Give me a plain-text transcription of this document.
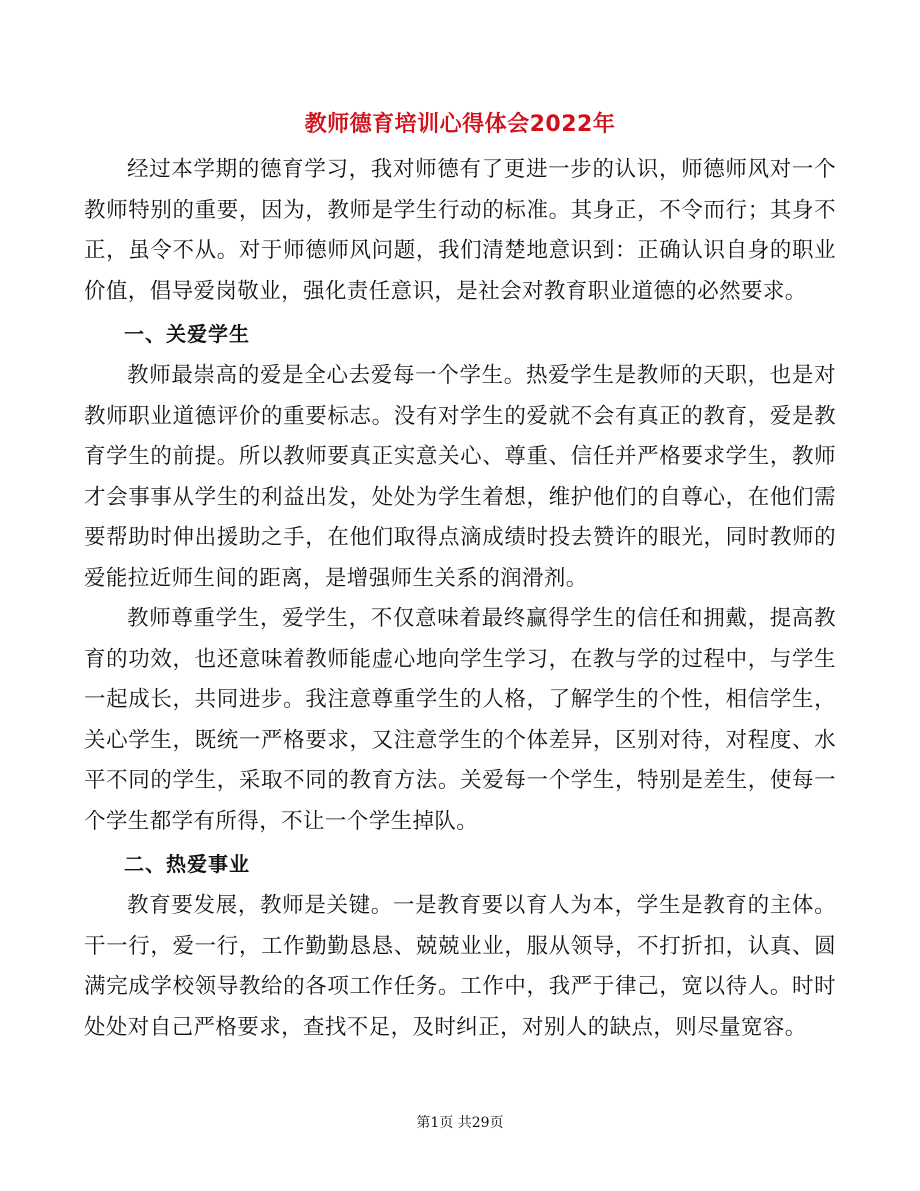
教师德育培训心得体会2022年

经过本学期的德育学习，我对师德有了更进一步的认识，师德师风对一个教师特别的重要，因为，教师是学生行动的标准。其身正，不令而行；其身不正，虽令不从。对于师德师风问题，我们清楚地意识到：正确认识自身的职业价值，倡导爱岗敬业，强化责任意识，是社会对教育职业道德的必然要求。

一、关爱学生

教师最崇高的爱是全心去爱每一个学生。热爱学生是教师的天职，也是对教师职业道德评价的重要标志。没有对学生的爱就不会有真正的教育，爱是教育学生的前提。所以教师要真正实意关心、尊重、信任并严格要求学生，教师才会事事从学生的利益出发，处处为学生着想，维护他们的自尊心，在他们需要帮助时伸出援助之手，在他们取得点滴成绩时投去赞许的眼光，同时教师的爱能拉近师生间的距离，是增强师生关系的润滑剂。

教师尊重学生，爱学生，不仅意味着最终赢得学生的信任和拥戴，提高教育的功效，也还意味着教师能虚心地向学生学习，在教与学的过程中，与学生一起成长，共同进步。我注意尊重学生的人格，了解学生的个性，相信学生，关心学生，既统一严格要求，又注意学生的个体差异，区别对待，对程度、水平不同的学生，采取不同的教育方法。关爱每一个学生，特别是差生，使每一个学生都学有所得，不让一个学生掉队。

二、热爱事业

教育要发展，教师是关键。一是教育要以育人为本，学生是教育的主体。干一行，爱一行，工作勤勤恳恳、兢兢业业，服从领导，不打折扣，认真、圆满完成学校领导教给的各项工作任务。工作中，我严于律己，宽以待人。时时处处对自己严格要求，查找不足，及时纠正，对别人的缺点，则尽量宽容。

第1页 共29页
